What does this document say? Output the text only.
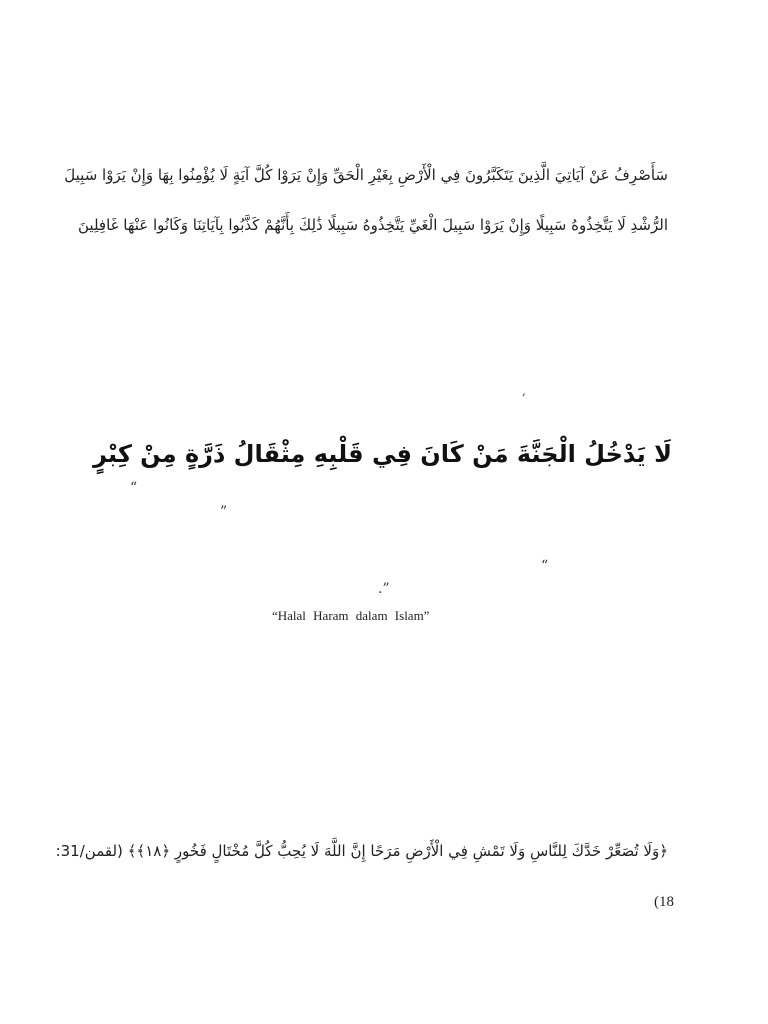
سَأَصْرِفُ عَنْ آيَاتِيَ الَّذِينَ يَتَكَبَّرُونَ فِي الْأَرْضِ بِغَيْرِ الْحَقِّ وَإِنْ يَرَوْا كُلَّ آيَةٍ لَا يُؤْمِنُوا بِهَا وَإِنْ يَرَوْا سَبِيلَ
الرُّشْدِ لَا يَتَّخِذُوهُ سَبِيلًا وَإِنْ يَرَوْا سَبِيلَ الْغَيِّ يَتَّخِذُوهُ سَبِيلًا ذَٰلِكَ بِأَنَّهُمْ كَذَّبُوا بِآيَاتِنَا وَكَانُوا عَنْهَا غَافِلِينَ
,
لَا يَدْخُلُ الْجَنَّةَ مَنْ كَانَ فِي قَلْبِهِ مِثْقَالُ ذَرَّةٍ مِنْ كِبْرٍ
“
”
“
.”
“Halal Haram dalam Islam”
﴿وَلَا تُصَعِّرْ خَدَّكَ لِلنَّاسِ وَلَا تَمْشِ فِي الْأَرْضِ مَرَحًا إِنَّ اللَّهَ لَا يُحِبُّ كُلَّ مُخْتَالٍ فَخُورٍ ﴿١٨﴾﴾ (لقمن/31:
(18
